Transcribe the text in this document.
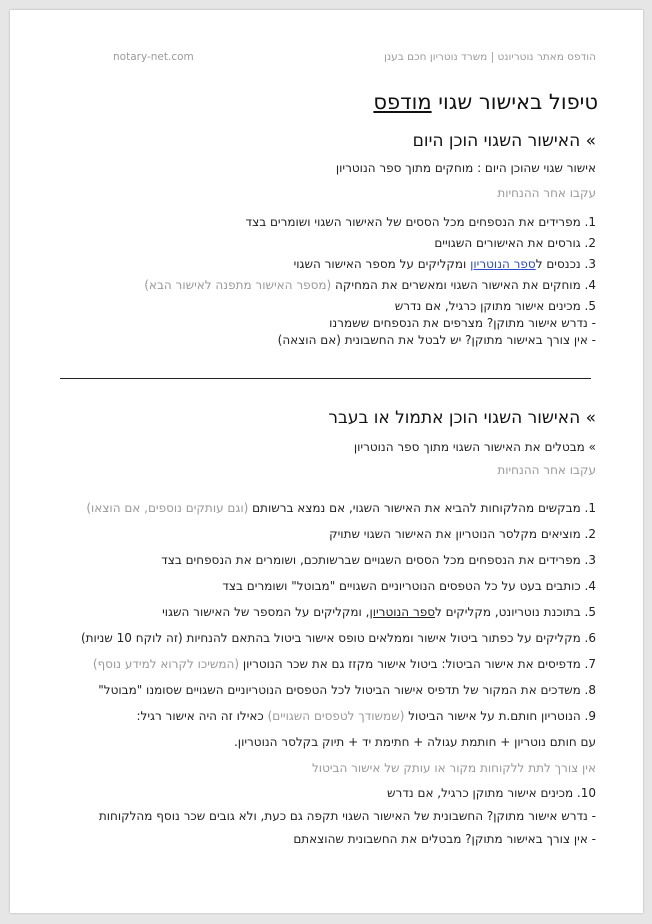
notary-net.com	הודפס מאתר נוטריונט | משרד נוטריון חכם בענן
טיפול באישור שגוי מודפס
» האישור השגוי הוכן היום
אישור שגוי שהוכן היום : מוחקים מתוך ספר הנוטריון
עקבו אחר ההנחיות
1. מפרידים את הנספחים מכל הססים של האישור השגוי ושומרים בצד
2. גורסים את האישורים השגויים
3. נכנסים לספר הנוטריון ומקליקים על מספר האישור השגוי
4. מוחקים את האישור השגוי ומאשרים את המחיקה (מספר האישור מתפנה לאישור הבא)
5. מכינים אישור מתוקן כרגיל, אם נדרש
- נדרש אישור מתוקן? מצרפים את הנספחים ששמרנו
- אין צורך באישור מתוקן? יש לבטל את החשבונית (אם הוצאה)
» האישור השגוי הוכן אתמול או בעבר
» מבטלים את האישור השגוי מתוך ספר הנוטריון
עקבו אחר ההנחיות
1. מבקשים מהלקוחות להביא את האישור השגוי, אם נמצא ברשותם (וגם עותקים נוספים, אם הוצאו)
2. מוציאים מקלסר הנוטריון את האישור השגוי שתויק
3. מפרידים את הנספחים מכל הססים השגויים שברשותכם, ושומרים את הנספחים בצד
4. כותבים בעט על כל הטפסים הנוטריוניים השגויים "מבוטל" ושומרים בצד
5. בתוכנת נוטריונט, מקליקים לספר הנוטריון, ומקליקים על המספר של האישור השגוי
6. מקליקים על כפתור ביטול אישור וממלאים טופס אישור ביטול בהתאם להנחיות (זה לוקח 10 שניות)
7. מדפיסים את אישור הביטול: ביטול אישור מקזז גם את שכר הנוטריון (המשיכו לקרוא למידע נוסף)
8. משדכים את המקור של תדפיס אישור הביטול לכל הטפסים הנוטריוניים השגויים שסומנו "מבוטל"
9. הנוטריון חותם.ת על אישור הביטול (שמשודך לטפסים השגויים) כאילו זה היה אישור רגיל:
עם חותם נוטריון + חותמת עגולה + חתימת יד + תיוק בקלסר הנוטריון.
אין צורך לתת ללקוחות מקור או עותק של אישור הביטול
10. מכינים אישור מתוקן כרגיל, אם נדרש
- נדרש אישור מתוקן? החשבונית של האישור השגוי תקפה גם כעת, ולא גובים שכר נוסף מהלקוחות
- אין צורך באישור מתוקן? מבטלים את החשבונית שהוצאתם
